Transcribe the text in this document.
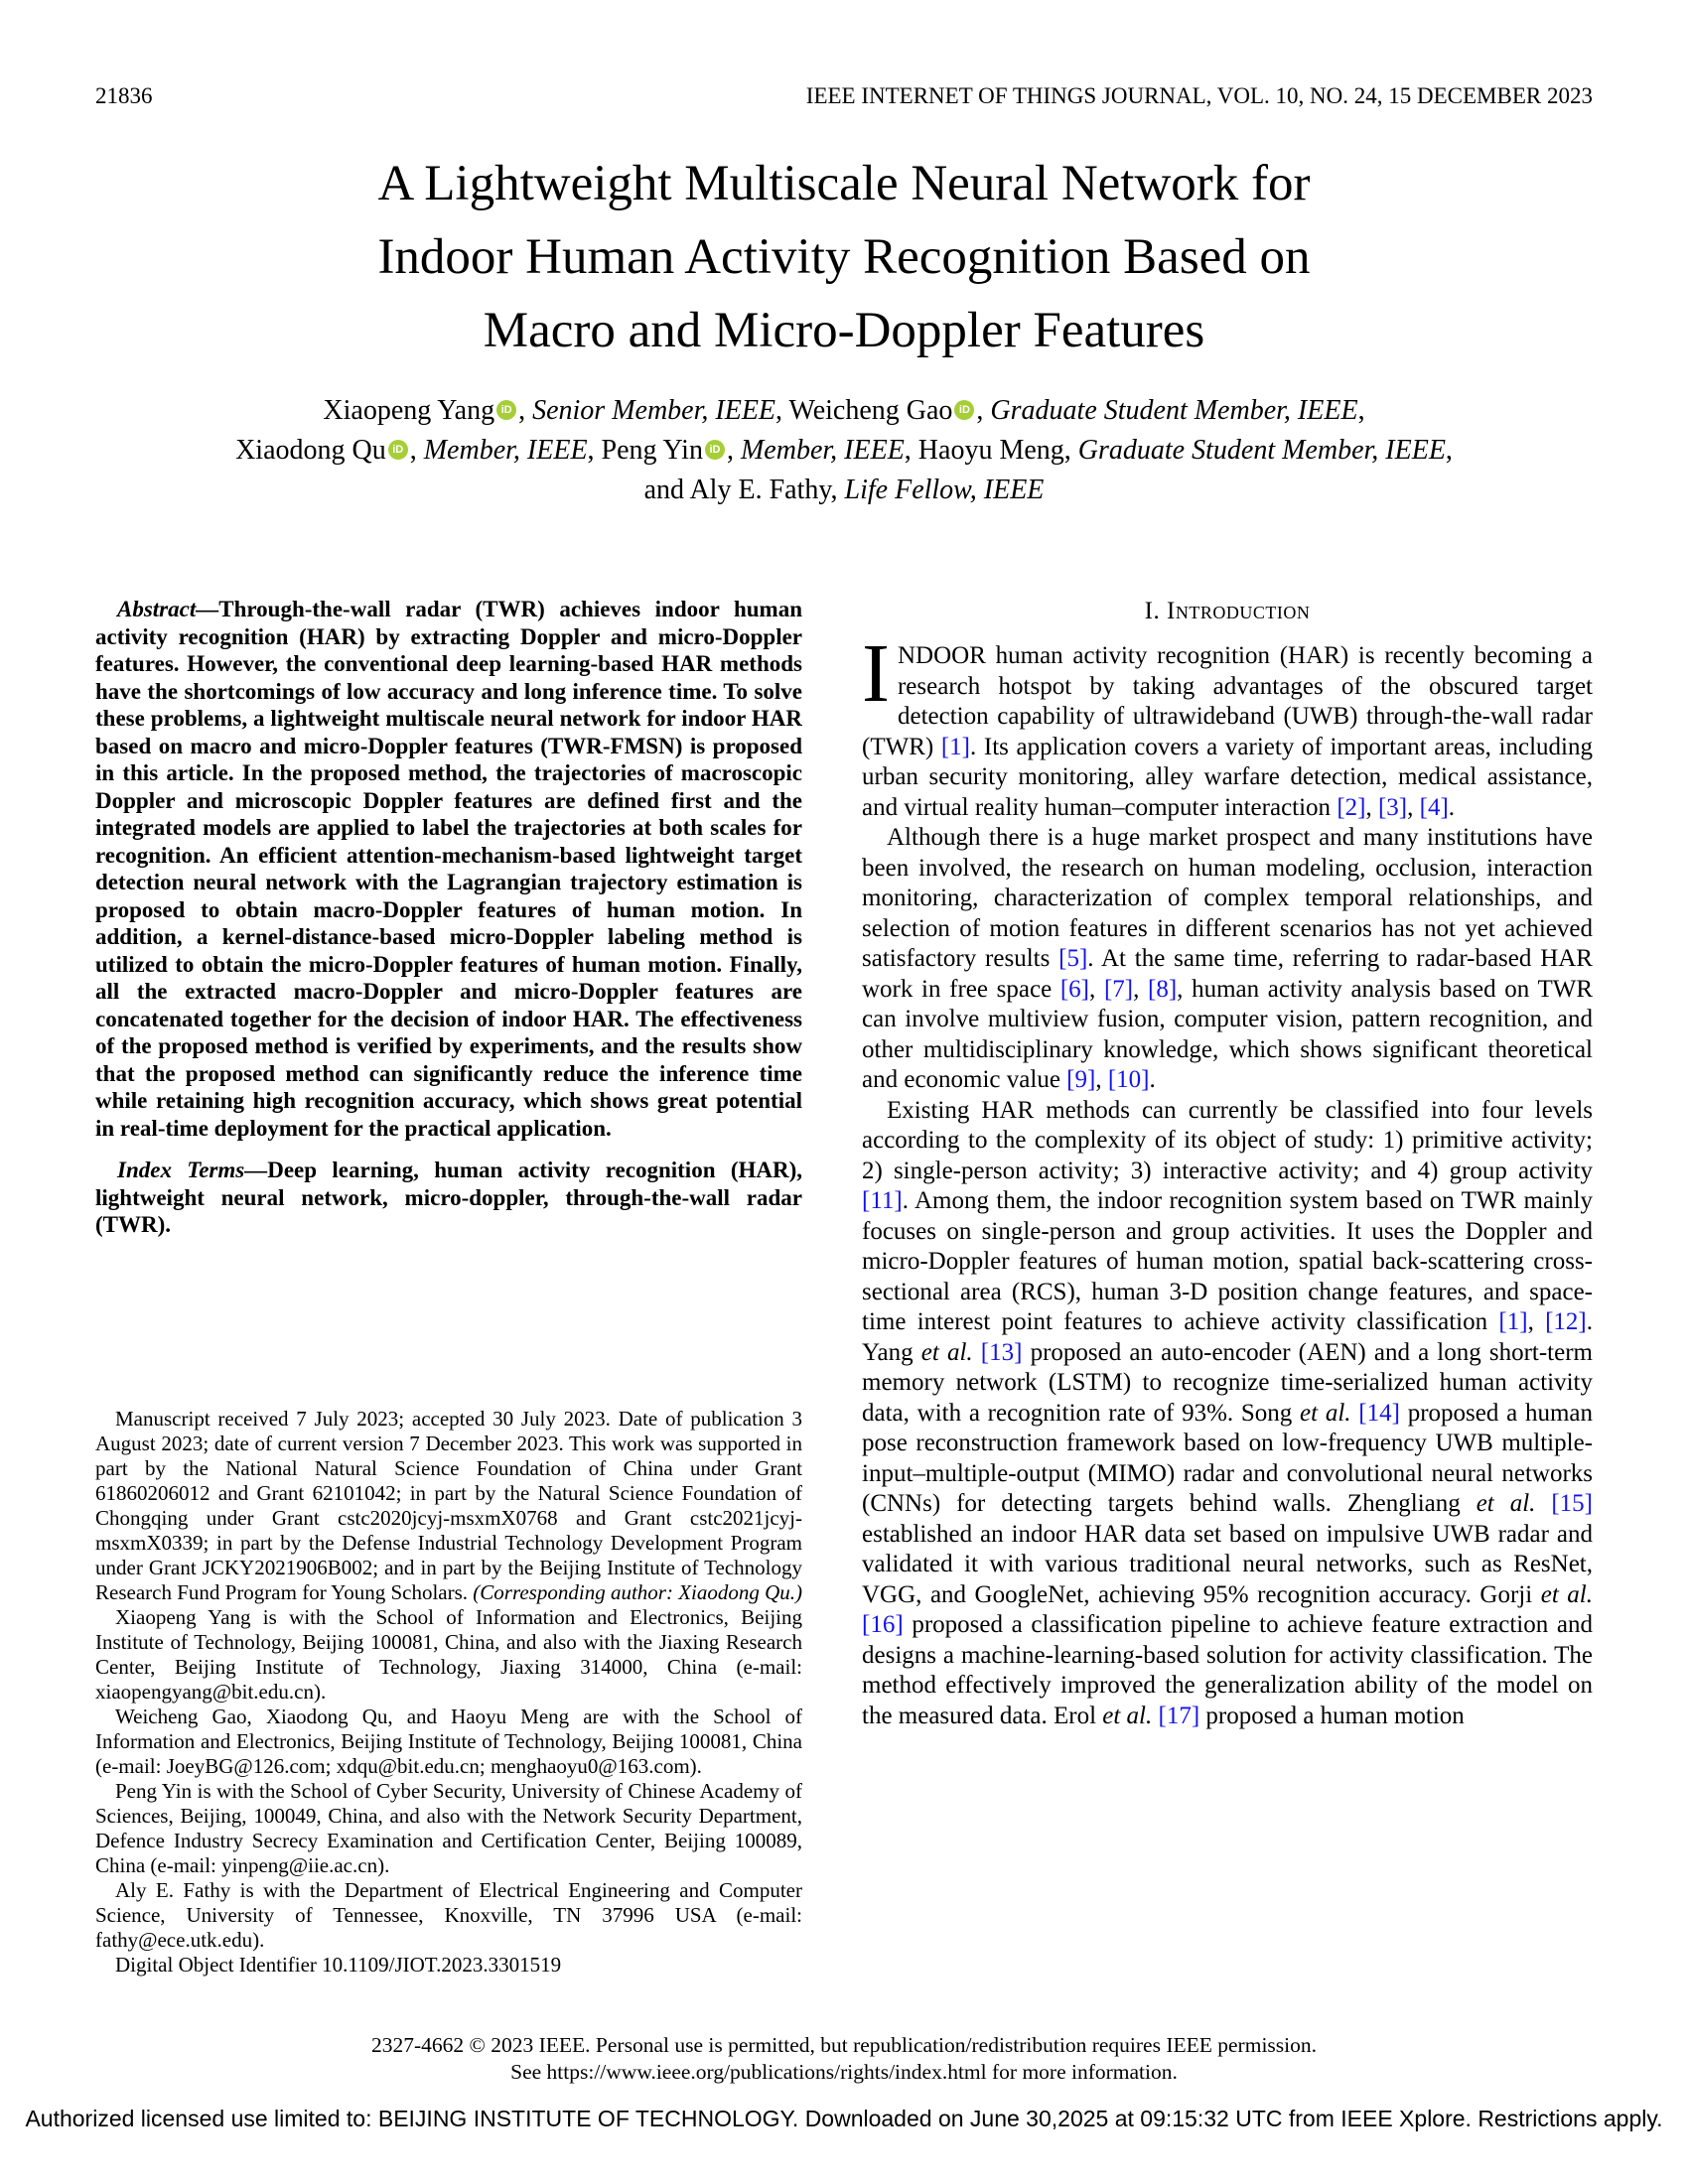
21836	IEEE INTERNET OF THINGS JOURNAL, VOL. 10, NO. 24, 15 DECEMBER 2023
A Lightweight Multiscale Neural Network for
Indoor Human Activity Recognition Based on
Macro and Micro-Doppler Features
Xiaopeng Yang iD , Senior Member, IEEE, Weicheng Gao iD , Graduate Student Member, IEEE,
Xiaodong Qu iD , Member, IEEE, Peng Yin iD , Member, IEEE, Haoyu Meng, Graduate Student Member, IEEE,
and Aly E. Fathy, Life Fellow, IEEE

Abstract—Through-the-wall radar (TWR) achieves indoor human activity recognition (HAR) by extracting Doppler and micro-Doppler features. However, the conventional deep learning-based HAR methods have the shortcomings of low accuracy and long inference time. To solve these problems, a lightweight multiscale neural network for indoor HAR based on macro and micro-Doppler features (TWR-FMSN) is proposed in this article. In the proposed method, the trajectories of macroscopic Doppler and microscopic Doppler features are defined first and the integrated models are applied to label the trajectories at both scales for recognition. An efficient attention-mechanism-based lightweight target detection neural network with the Lagrangian trajectory estimation is proposed to obtain macro-Doppler features of human motion. In addition, a kernel-distance-based micro-Doppler labeling method is utilized to obtain the micro-Doppler features of human motion. Finally, all the extracted macro-Doppler and micro-Doppler features are concatenated together for the decision of indoor HAR. The effectiveness of the proposed method is verified by experiments, and the results show that the proposed method can significantly reduce the inference time while retaining high recognition accuracy, which shows great potential in real-time deployment for the practical application.

Index Terms—Deep learning, human activity recognition (HAR), lightweight neural network, micro-doppler, through-the-wall radar (TWR).

Manuscript received 7 July 2023; accepted 30 July 2023. Date of publication 3 August 2023; date of current version 7 December 2023. This work was supported in part by the National Natural Science Foundation of China under Grant 61860206012 and Grant 62101042; in part by the Natural Science Foundation of Chongqing under Grant cstc2020jcyj-msxmX0768 and Grant cstc2021jcyj-msxmX0339; in part by the Defense Industrial Technology Development Program under Grant JCKY2021906B002; and in part by the Beijing Institute of Technology Research Fund Program for Young Scholars. (Corresponding author: Xiaodong Qu.)

Xiaopeng Yang is with the School of Information and Electronics, Beijing Institute of Technology, Beijing 100081, China, and also with the Jiaxing Research Center, Beijing Institute of Technology, Jiaxing 314000, China (e-mail: xiaopengyang@bit.edu.cn).

Weicheng Gao, Xiaodong Qu, and Haoyu Meng are with the School of Information and Electronics, Beijing Institute of Technology, Beijing 100081, China (e-mail: JoeyBG@126.com; xdqu@bit.edu.cn; menghaoyu0@163.com).

Peng Yin is with the School of Cyber Security, University of Chinese Academy of Sciences, Beijing, 100049, China, and also with the Network Security Department, Defence Industry Secrecy Examination and Certification Center, Beijing 100089, China (e-mail: yinpeng@iie.ac.cn).

Aly E. Fathy is with the Department of Electrical Engineering and Computer Science, University of Tennessee, Knoxville, TN 37996 USA (e-mail: fathy@ece.utk.edu).

Digital Object Identifier 10.1109/JIOT.2023.3301519

I. Introduction

INDOOR human activity recognition (HAR) is recently becoming a research hotspot by taking advantages of the obscured target detection capability of ultrawideband (UWB) through-the-wall radar (TWR) [1]. Its application covers a variety of important areas, including urban security monitoring, alley warfare detection, medical assistance, and virtual reality human–computer interaction [2], [3], [4].

Although there is a huge market prospect and many institutions have been involved, the research on human modeling, occlusion, interaction monitoring, characterization of complex temporal relationships, and selection of motion features in different scenarios has not yet achieved satisfactory results [5]. At the same time, referring to radar-based HAR work in free space [6], [7], [8], human activity analysis based on TWR can involve multiview fusion, computer vision, pattern recognition, and other multidisciplinary knowledge, which shows significant theoretical and economic value [9], [10].

Existing HAR methods can currently be classified into four levels according to the complexity of its object of study: 1) primitive activity; 2) single-person activity; 3) interactive activity; and 4) group activity [11]. Among them, the indoor recognition system based on TWR mainly focuses on single-person and group activities. It uses the Doppler and micro-Doppler features of human motion, spatial back-scattering cross-sectional area (RCS), human 3-D position change features, and space-time interest point features to achieve activity classification [1], [12]. Yang et al. [13] proposed an auto-encoder (AEN) and a long short-term memory network (LSTM) to recognize time-serialized human activity data, with a recognition rate of 93%. Song et al. [14] proposed a human pose reconstruction framework based on low-frequency UWB multiple-input–multiple-output (MIMO) radar and convolutional neural networks (CNNs) for detecting targets behind walls. Zhengliang et al. [15] established an indoor HAR data set based on impulsive UWB radar and validated it with various traditional neural networks, such as ResNet, VGG, and GoogleNet, achieving 95% recognition accuracy. Gorji et al. [16] proposed a classification pipeline to achieve feature extraction and designs a machine-learning-based solution for activity classification. The method effectively improved the generalization ability of the model on the measured data. Erol et al. [17] proposed a human motion

2327-4662 © 2023 IEEE. Personal use is permitted, but republication/redistribution requires IEEE permission.
See https://www.ieee.org/publications/rights/index.html for more information.
Authorized licensed use limited to: BEIJING INSTITUTE OF TECHNOLOGY. Downloaded on June 30,2025 at 09:15:32 UTC from IEEE Xplore. Restrictions apply.
